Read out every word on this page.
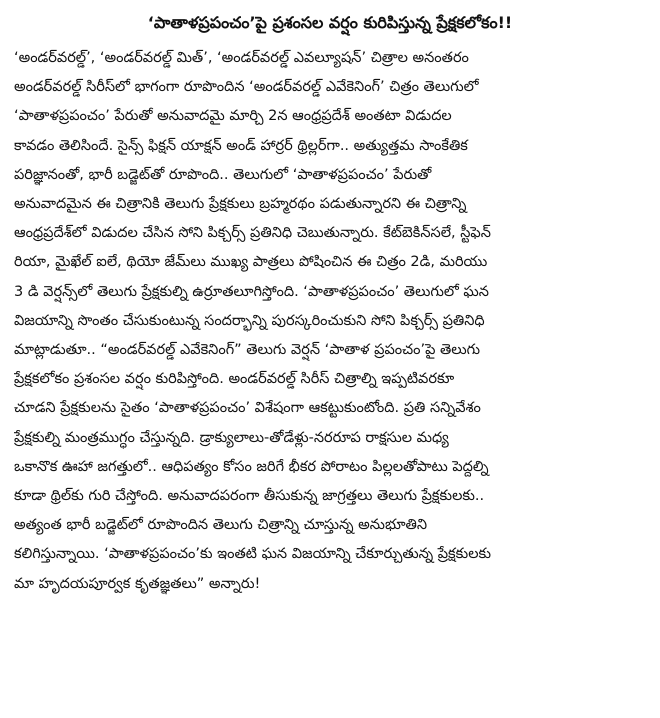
‘పాతాళప్రపంచం’పై ప్రశంసల వర్షం కురిపిస్తున్న ప్రేక్షకలోకం!!
‘అండర్‌వరల్డ్’, ‘అండర్‌వరల్డ్ మిత్’, ‘అండర్‌వరల్డ్ ఎవల్యూషన్’ చిత్రాల అనంతరం
అండర్‌వరల్డ్ సిరీస్‌లో భాగంగా రూపొందిన ‘అండర్‌వరల్డ్ ఎవేకెనింగ్’ చిత్రం తెలుగులో
‘పాతాళప్రపంచం’ పేరుతో అనువాదమై మార్చి 2న ఆంధ్రప్రదేశ్ అంతటా విడుదల
కావడం తెలిసిందే. సైన్స్ ఫిక్షన్ యాక్షన్ అండ్ హార్రర్ థ్రిల్లర్‌గా.. అత్యుత్తమ సాంకేతిక
పరిజ్ఞానంతో, భారీ బడ్జెట్‌తో రూపొంది.. తెలుగులో ‘పాతాళప్రపంచం’ పేరుతో
అనువాదమైన ఈ చిత్రానికి తెలుగు ప్రేక్షకులు బ్రహ్మరథం పడుతున్నారని ఈ చిత్రాన్ని
ఆంధ్రప్రదేశ్‌లో విడుదల చేసిన సోని పిక్చర్స్ ప్రతినిధి చెబుతున్నారు. కేట్‌బెకిన్‌సలే, స్టీఫెన్
రియా, మైఖేల్ ఐలే, థియో జేమ్‌లు ముఖ్య పాత్రలు పోషించిన ఈ చిత్రం 2డి, మరియు
3 డి వెర్షన్స్‌లో తెలుగు ప్రేక్షకుల్ని ఉర్రూతలూగిస్తోంది. ‘పాతాళప్రపంచం’ తెలుగులో ఘన
విజయాన్ని సొంతం చేసుకుంటున్న సందర్భాన్ని పురస్కరించుకుని సోని పిక్చర్స్ ప్రతినిధి
మాట్లాడుతూ.. “అండర్‌వరల్డ్ ఎవేకెనింగ్” తెలుగు వెర్షన్ ‘పాతాళ ప్రపంచం’పై తెలుగు
ప్రేక్షకలోకం ప్రశంసల వర్షం కురిపిస్తోంది. అండర్‌వరల్డ్ సిరీస్ చిత్రాల్ని ఇప్పటివరకూ
చూడని ప్రేక్షకులను సైతం ‘పాతాళప్రపంచం’ విశేషంగా ఆకట్టుకుంటోంది. ప్రతి సన్నివేశం
ప్రేక్షకుల్ని మంత్రముగ్ధం చేస్తున్నది. డ్రాక్యులాలు-తోడేళ్లు-నరరూప రాక్షసుల మధ్య
ఒకానొక ఊహా జగత్తులో.. ఆధిపత్యం కోసం జరిగే భీకర పోరాటం పిల్లలతోపాటు పెద్దల్ని
కూడా థ్రిల్‌కు గురి చేస్తోంది. అనువాదపరంగా తీసుకున్న జాగ్రత్తలు తెలుగు ప్రేక్షకులకు..
అత్యంత భారీ బడ్జెట్‌లో రూపొందిన తెలుగు చిత్రాన్ని చూస్తున్న అనుభూతిని
కలిగిస్తున్నాయి. ‘పాతాళప్రపంచం’కు ఇంతటి ఘన విజయాన్ని చేకూర్చుతున్న ప్రేక్షకులకు
మా హృదయపూర్వక కృతజ్ఞతలు” అన్నారు!
